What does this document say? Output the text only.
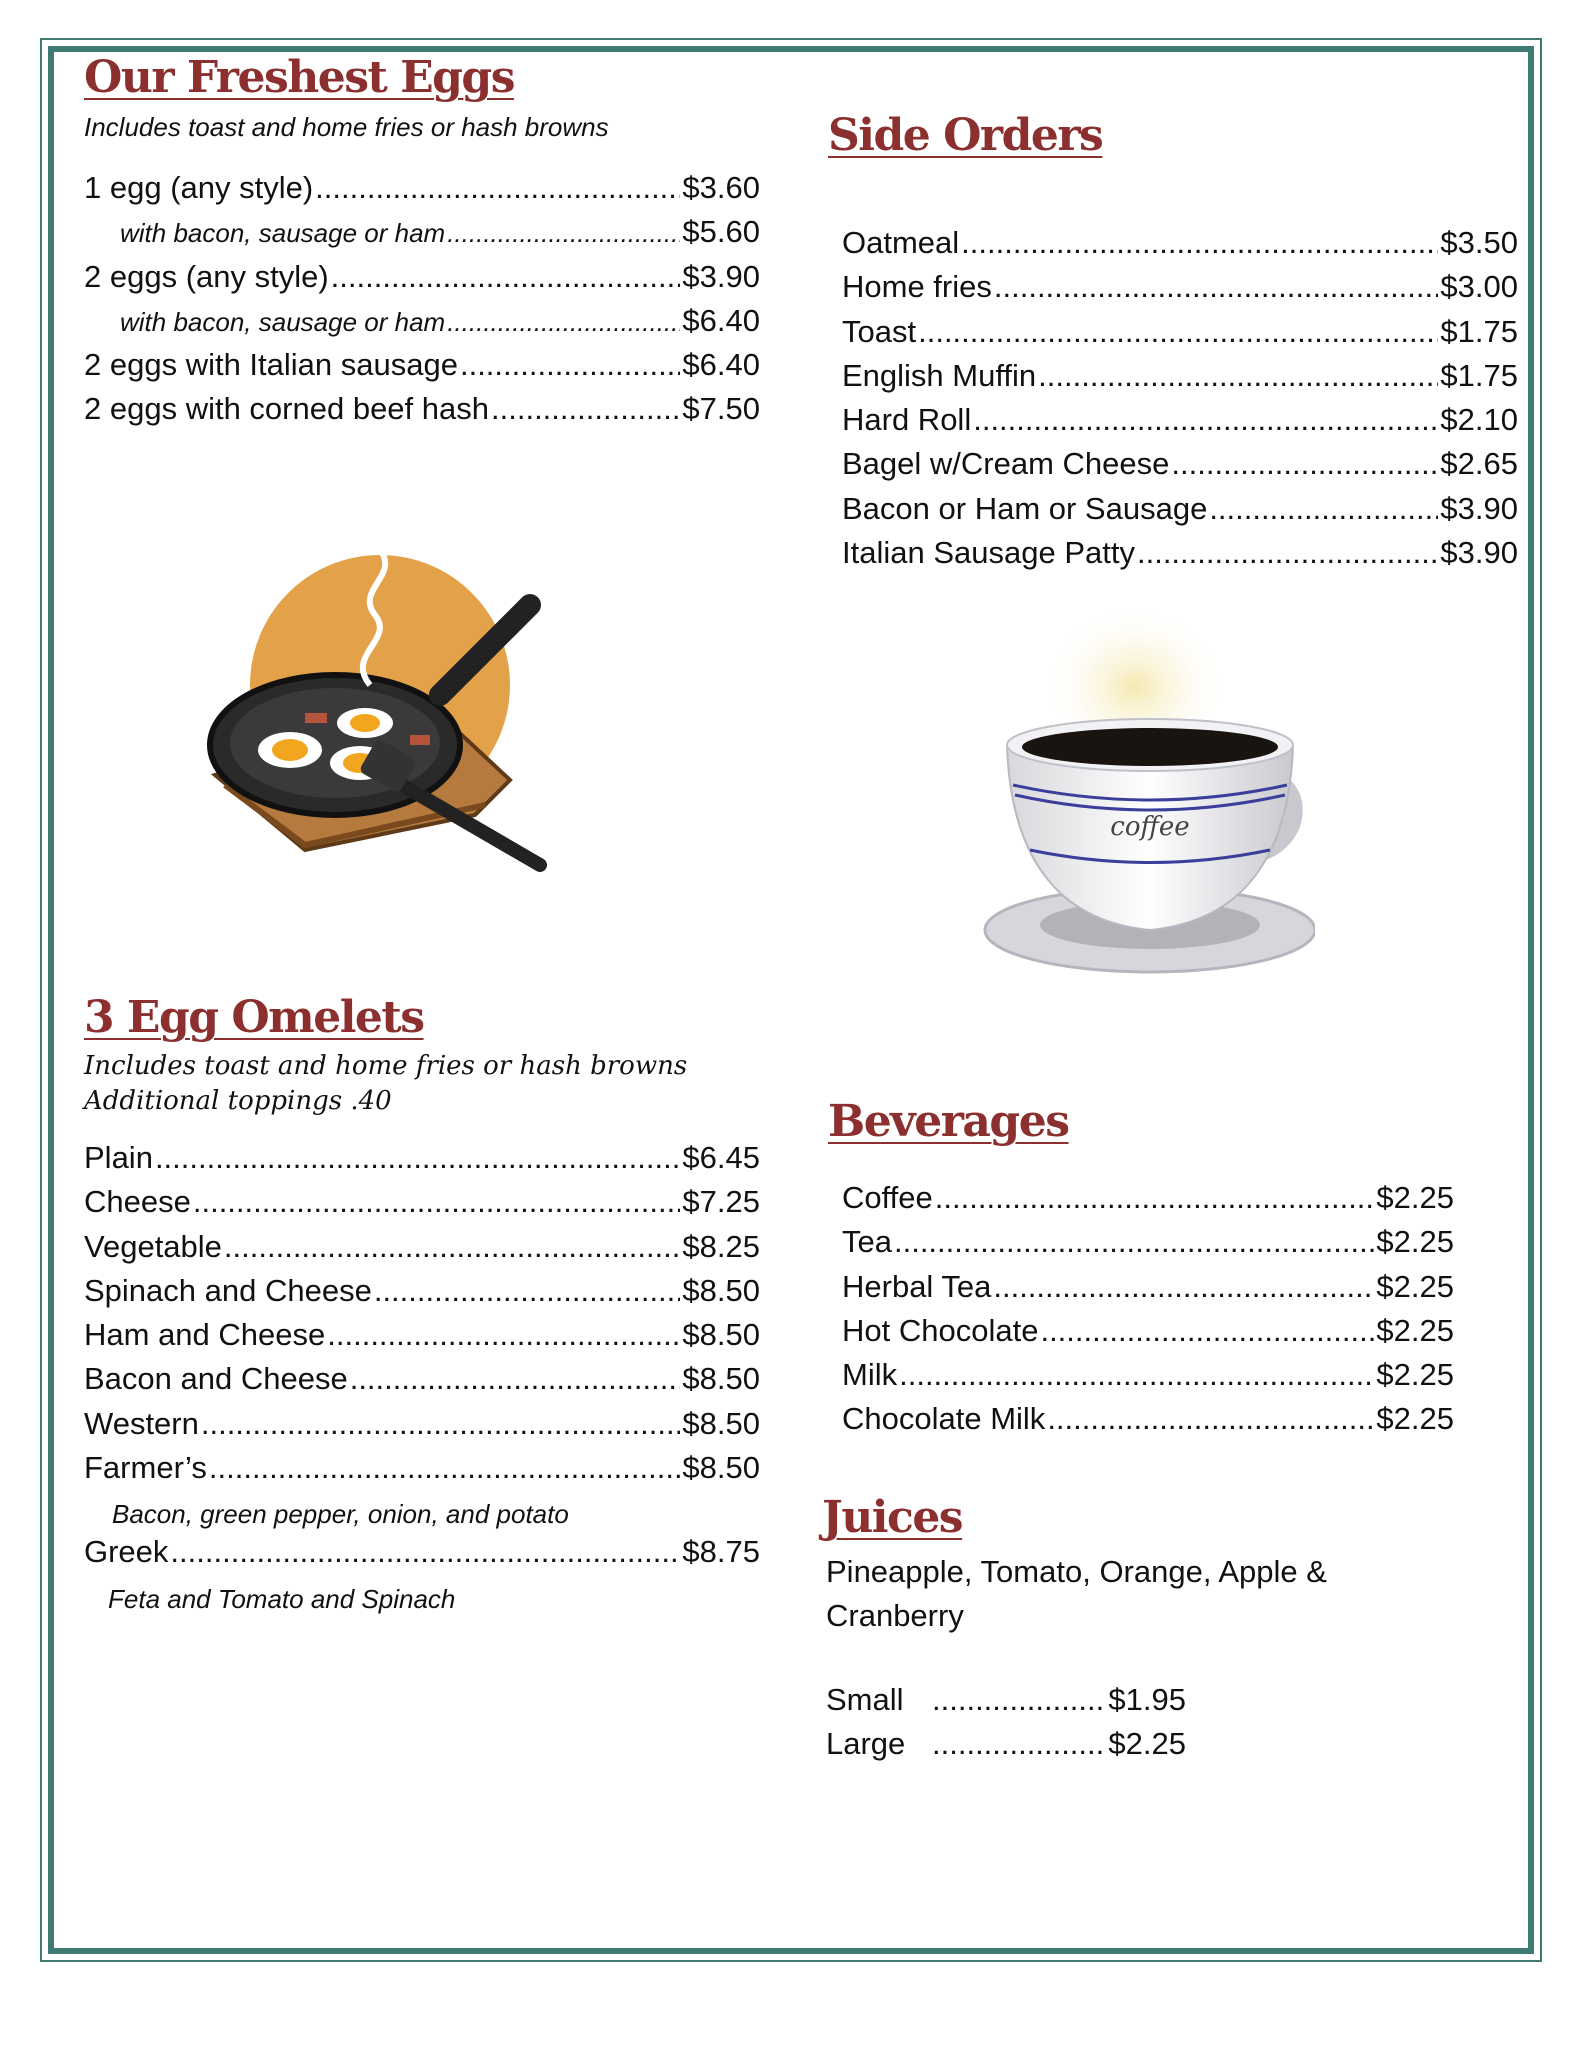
Our Freshest Eggs

Includes toast and home fries or hash browns

1 egg (any style) .....	$3.60
with bacon, sausage or ham .....	$5.60
2 eggs (any style) .....	$3.90
with bacon, sausage or ham .....	$6.40
2 eggs with Italian sausage .....	$6.40
2 eggs with corned beef hash .....	$7.50
3 Egg Omelets

Includes toast and home fries or hash browns

Additional toppings .40

Plain .....	$6.45
Cheese .....	$7.25
Vegetable .....	$8.25
Spinach and Cheese .....	$8.50
Ham and Cheese .....	$8.50
Bacon and Cheese .....	$8.50
Western .....	$8.50
Farmer’s .....	$8.50
Bacon, green pepper, onion, and potato
Greek .....	$8.75
Feta and Tomato and Spinach
Side Orders
Oatmeal .....	$3.50
Home fries .....	$3.00
Toast .....	$1.75
English Muffin .....	$1.75
Hard Roll .....	$2.10
Bagel w/Cream Cheese .....	$2.65
Bacon or Ham or Sausage .....	$3.90
Italian Sausage Patty .....	$3.90
coffee
Beverages
Coffee .....	$2.25
Tea .....	$2.25
Herbal Tea .....	$2.25
Hot Chocolate .....	$2.25
Milk .....	$2.25
Chocolate Milk .....	$2.25
Juices

Pineapple, Tomato, Orange, Apple &

Cranberry

Small .....	$1.95
Large .....	$2.25
